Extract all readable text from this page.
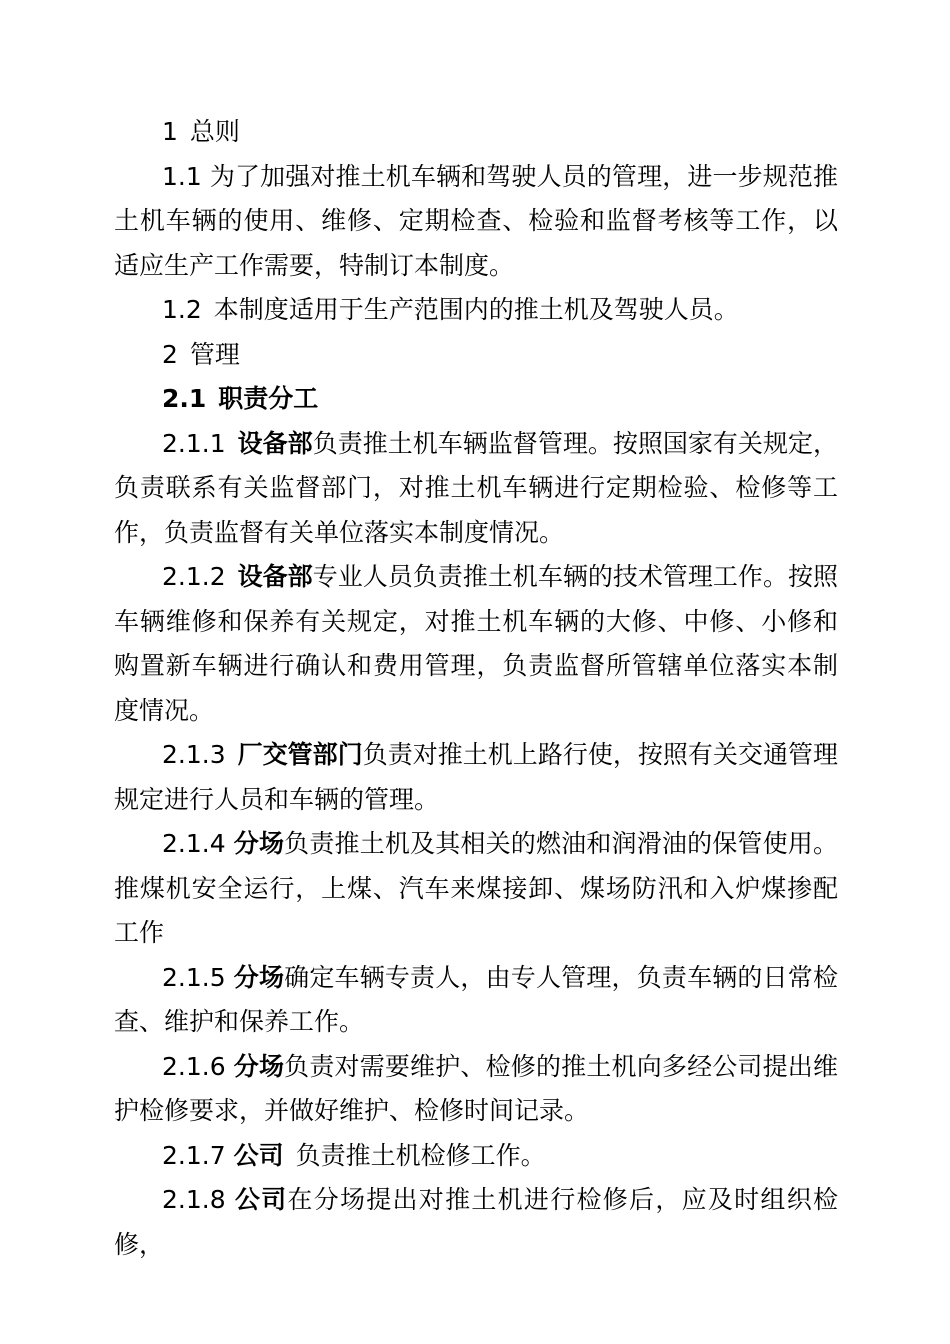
1 总则

1.1 为了加强对推土机车辆和驾驶人员的管理，进一步规范推土机车辆的使用、维修、定期检查、检验和监督考核等工作，以适应生产工作需要，特制订本制度。

1.2 本制度适用于生产范围内的推土机及驾驶人员。

2 管理

2.1 职责分工

2.1.1 设备部负责推土机车辆监督管理。按照国家有关规定，负责联系有关监督部门，对推土机车辆进行定期检验、检修等工作，负责监督有关单位落实本制度情况。

2.1.2 设备部专业人员负责推土机车辆的技术管理工作。按照车辆维修和保养有关规定，对推土机车辆的大修、中修、小修和购置新车辆进行确认和费用管理，负责监督所管辖单位落实本制度情况。

2.1.3 厂交管部门负责对推土机上路行使，按照有关交通管理规定进行人员和车辆的管理。

2.1.4 分场负责推土机及其相关的燃油和润滑油的保管使用。推煤机安全运行，上煤、汽车来煤接卸、煤场防汛和入炉煤掺配工作

2.1.5 分场确定车辆专责人，由专人管理，负责车辆的日常检查、维护和保养工作。

2.1.6 分场负责对需要维护、检修的推土机向多经公司提出维护检修要求，并做好维护、检修时间记录。

2.1.7 公司 负责推土机检修工作。

2.1.8 公司在分场提出对推土机进行检修后，应及时组织检修，
